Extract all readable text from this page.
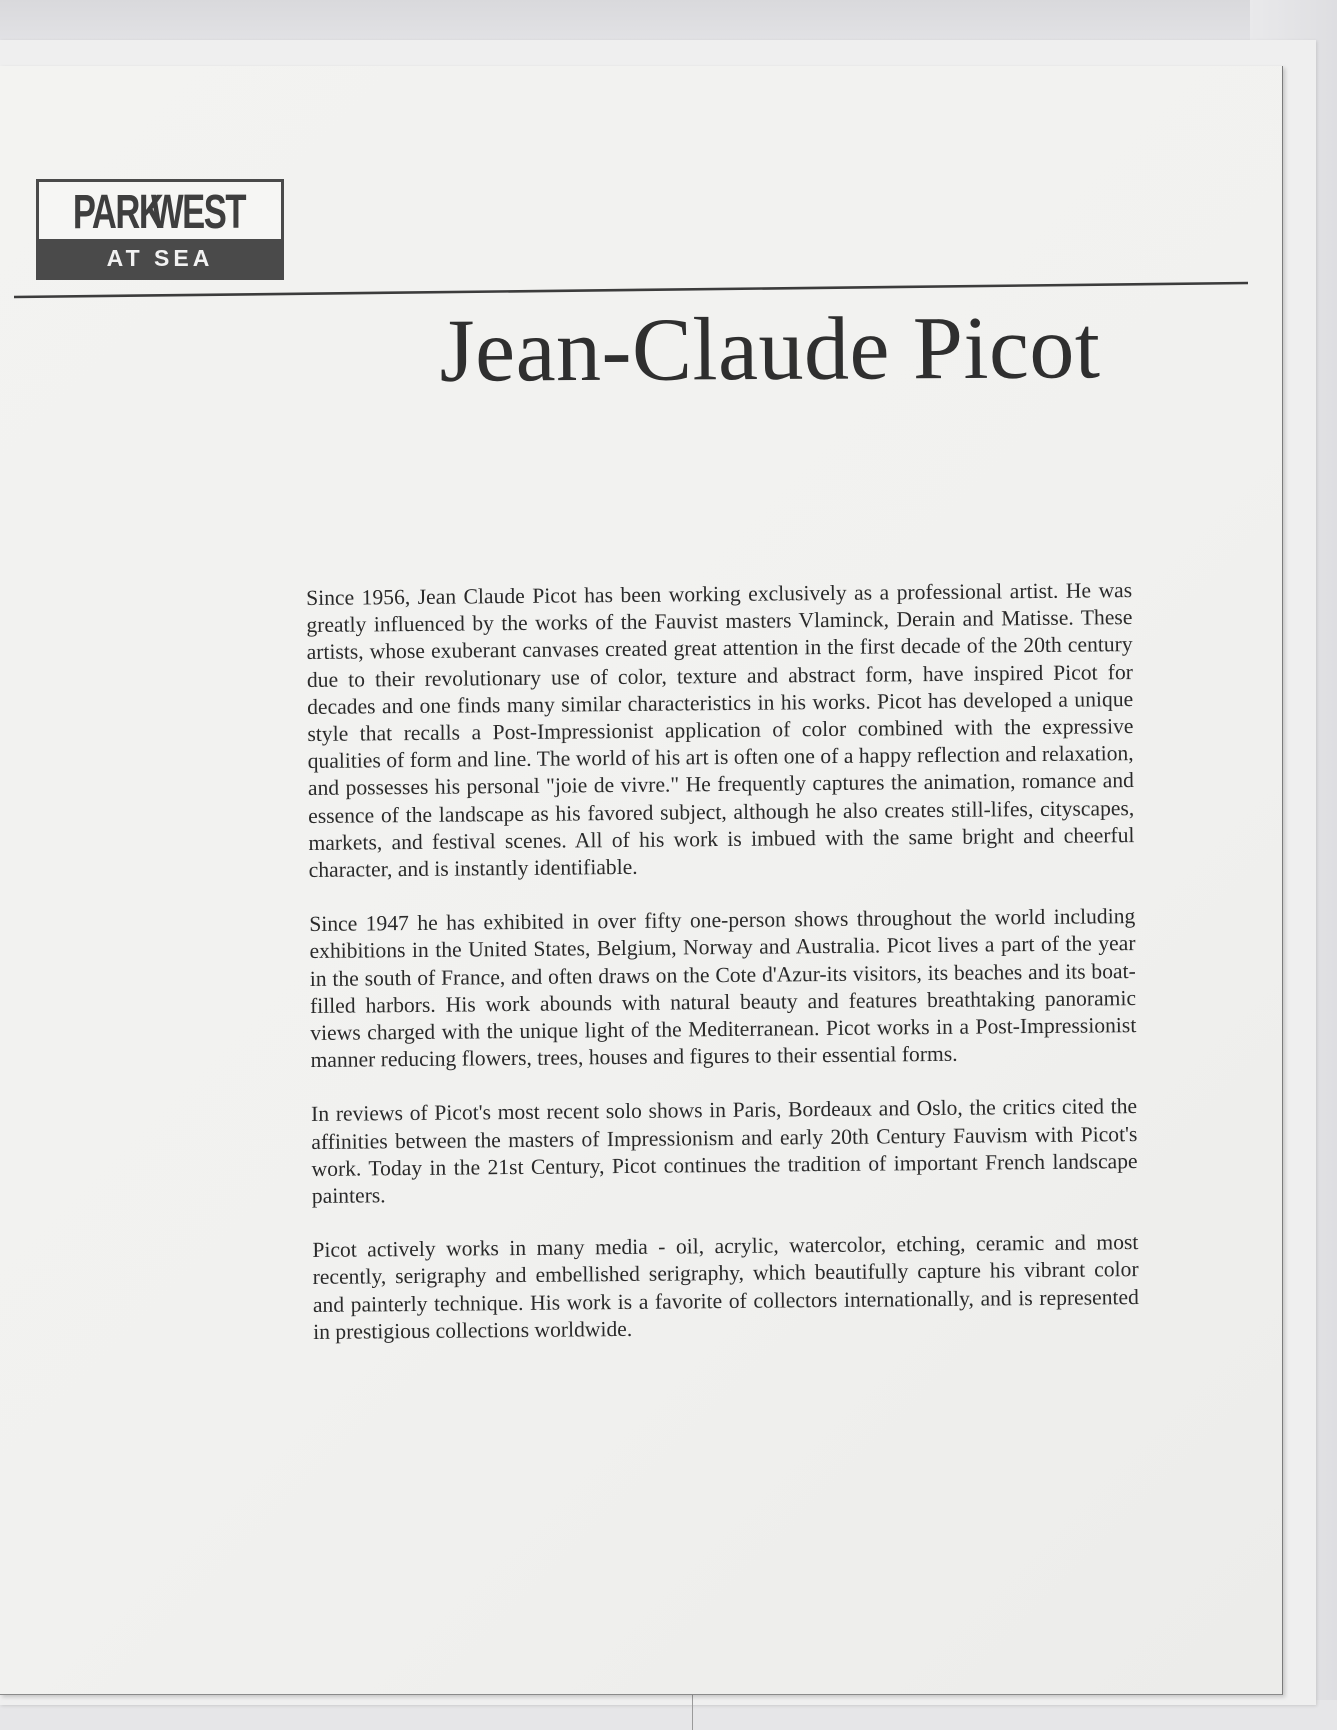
PARK
WEST
AT SEA
Jean-Claude Picot

Since 1956, Jean Claude Picot has been working exclusively as a professional artist. He was greatly influenced by the works of the Fauvist masters Vlaminck, Derain and Matisse. These artists, whose exuberant canvases created great attention in the first decade of the 20th century due to their revolutionary use of color, texture and abstract form, have inspired Picot for decades and one finds many similar characteristics in his works. Picot has developed a unique style that recalls a Post-Impressionist application of color combined with the expressive qualities of form and line. The world of his art is often one of a happy reflection and relaxation, and possesses his personal "joie de vivre." He frequently captures the animation, romance and essence of the landscape as his favored subject, although he also creates still-lifes, cityscapes, markets, and festival scenes. All of his work is imbued with the same bright and cheerful character, and is instantly identifiable.

Since 1947 he has exhibited in over fifty one-person shows throughout the world including exhibitions in the United States, Belgium, Norway and Australia. Picot lives a part of the year in the south of France, and often draws on the Cote d'Azur-its visitors, its beaches and its boat-filled harbors. His work abounds with natural beauty and features breathtaking panoramic views charged with the unique light of the Mediterranean. Picot works in a Post-Impressionist manner reducing flowers, trees, houses and figures to their essential forms.

In reviews of Picot's most recent solo shows in Paris, Bordeaux and Oslo, the critics cited the affinities between the masters of Impressionism and early 20th Century Fauvism with Picot's work. Today in the 21st Century, Picot continues the tradition of important French landscape painters.

Picot actively works in many media - oil, acrylic, watercolor, etching, ceramic and most recently, serigraphy and embellished serigraphy, which beautifully capture his vibrant color and painterly technique. His work is a favorite of collectors internationally, and is represented in prestigious collections worldwide.
